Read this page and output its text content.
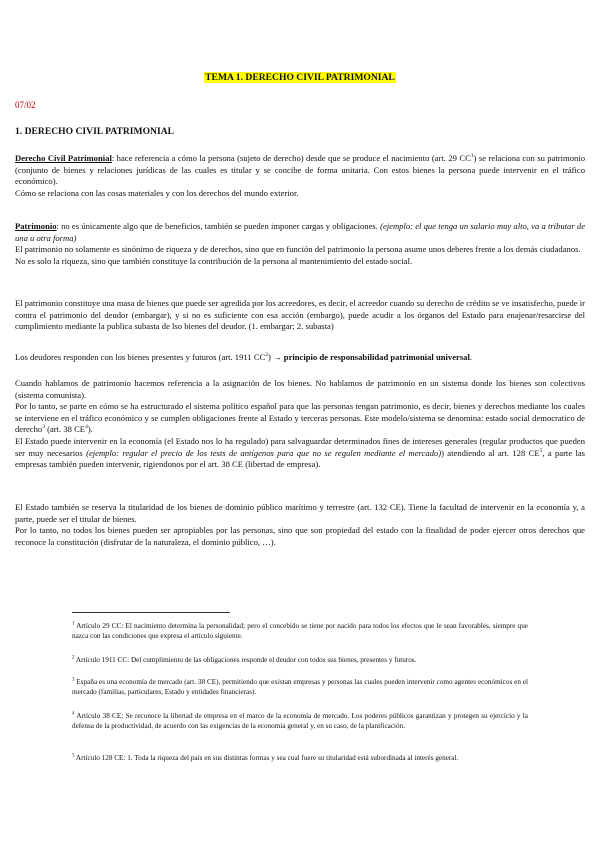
TEMA 1. DERECHO CIVIL PATRIMONIAL

07/02

1. DERECHO CIVIL PATRIMONIAL

Derecho Civil Patrimonial: hace referencia a cómo la persona (sujeto de derecho) desde que se produce el nacimiento (art. 29 $CC^1$) se relaciona con su patrimonio (conjunto de bienes y relaciones jurídicas de las cuales es titular y se concibe de forma unitaria. Con estos bienes la persona puede intervenir en el tráfico económico).
Cómo se relaciona con las cosas materiales y con los derechos del mundo exterior.

Patrimonio: no es únicamente algo que de beneficios, también se pueden imponer cargas y obligaciones. (ejemplo: el que tenga un salario muy alto, va a tributar de una u otra forma)
El patrimonio no solamente es sinónimo de riqueza y de derechos, sino que en función del patrimonio la persona asume unos deberes frente a los demás ciudadanos.
No es solo la riqueza, sino que también constituye la contribución de la persona al mantenimiento del estado social.

El patrimonio constituye una masa de bienes que puede ser agredida por los acreedores, es decir, el acreedor cuando su derecho de crédito se ve insatisfecho, puede ir contra el patrimonio del deudor (embargar), y si no es suficiente con esa acción (embargo), puede acudir a los órganos del Estado para enajenar/resarcirse del cumplimiento mediante la publica subasta de lso bienes del deudor. (1. embargar; 2. subasta)

Los deudores responden con los bienes presentes y futuros (art. 1911 $CC^2$) → principio de responsabilidad patrimonial universal.

Cuando hablamos de patrimonio hacemos referencia a la asignación de los bienes. No hablamos de patrimonio en un sistema donde los bienes son colectivos (sistema comunista).
Por lo tanto, se parte en cómo se ha estructurado el sistema político español para que las personas tengan patrimonio, es decir, bienes y derechos mediante los cuales se interviene en el tráfico económico y se cumplen obligaciones frente al Estado y terceras personas. Este modelo/sistema se denomina: estado social democratico de derecho$^3$ (art. 38 $CE^4$).
El Estado puede intervenir en la economía (el Estado nos lo ha regulado) para salvaguardar determinados fines de intereses generales (regular productos que pueden ser muy necesarios (ejemplo: regular el precio de los tests de antígenos para que no se regulen mediante el mercado)) atendiendo al art. 128 $CE^5$, a parte las empresas también pueden intervenir, rigiendonos por el art. 38 CE (libertad de empresa).

El Estado también se reserva la titularidad de los bienes de dominio público marítimo y terrestre (art. 132 CE). Tiene la facultad de intervenir en la economía y, a parte, puede ser el titular de bienes.
Por lo tanto, no todos los bienes pueden ser apropiables por las personas, sino que son propiedad del estado con la finalidad de poder ejercer otros derechos que reconoce la constitución (disfrutar de la naturaleza, el dominio público, …).

$^1$ Artículo 29 CC: El nacimiento determina la personalidad; pero el concebido se tiene por nacido para todos los efectos que le sean favorables, siempre que nazca con las condiciones que expresa el artículo siguiente.

$^2$ Artículo 1911 CC: Del cumplimiento de las obligaciones responde el deudor con todos sus bienes, presentes y futuros.

$^3$ España es una economía de mercado (art. 38 CE), permitiendo que existan empresas y personas las cuales pueden intervenir como agentes económicos en el mercado (familias, particulares, Estado y entidades financieras).

$^4$ Artículo 38 CE: Se reconoce la libertad de empresa en el marco de la economía de mercado. Los poderes públicos garantizan y protegen su ejercicio y la defensa de la productividad, de acuerdo con las exigencias de la economía general y, en su caso, de la planificación.

$^5$ Artículo 128 CE: 1. Toda la riqueza del país en sus distintas formas y sea cual fuere su titularidad está subordinada al interés general.
